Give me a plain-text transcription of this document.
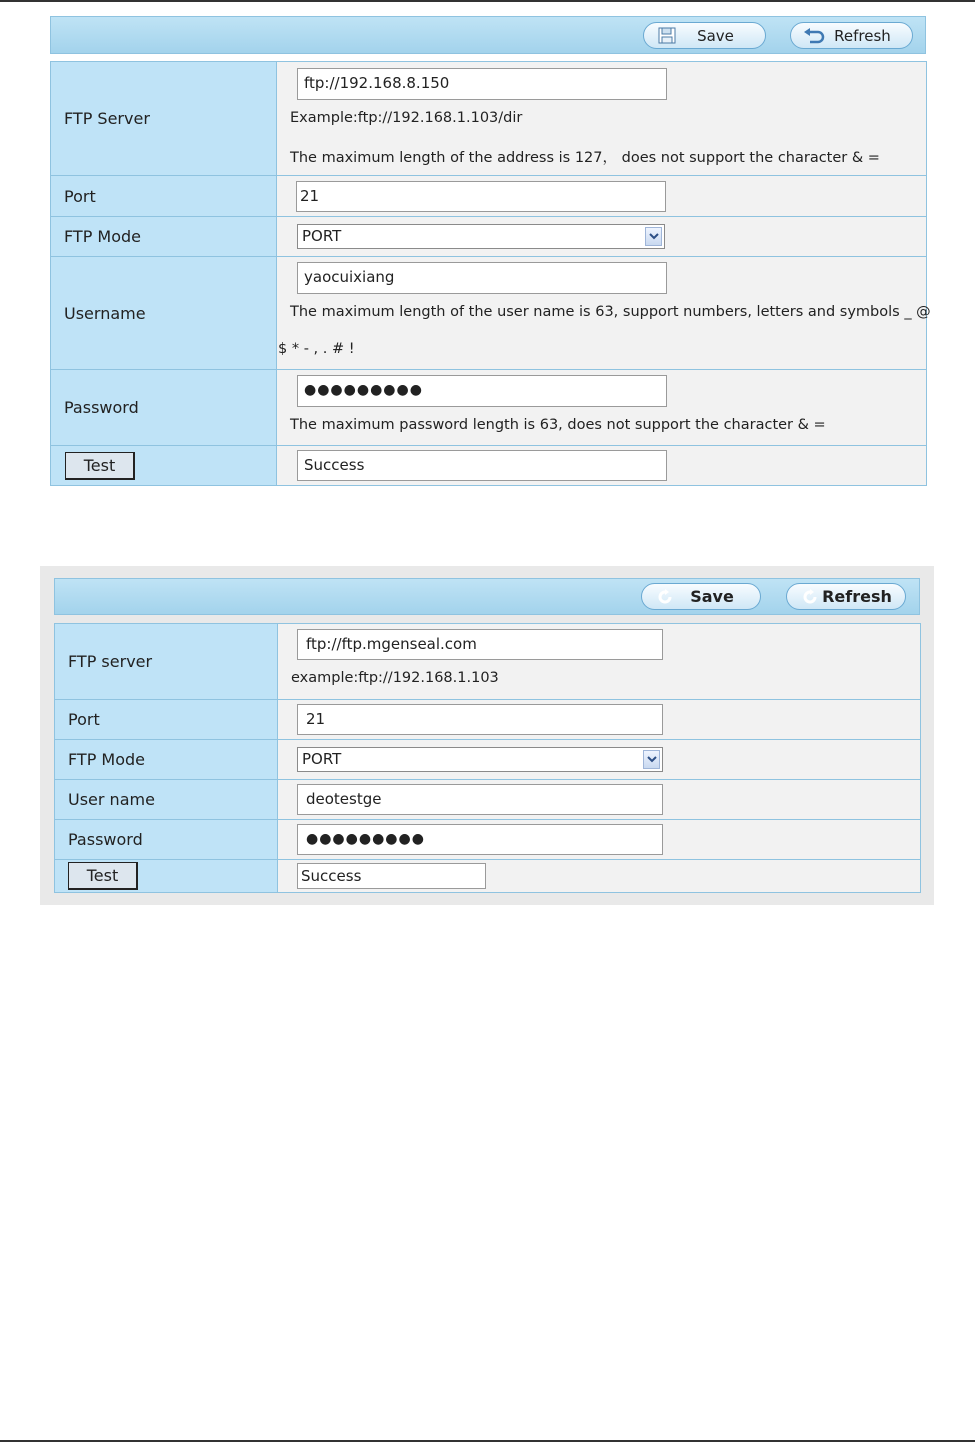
Save	Refresh
FTP Server	ftp://192.168.8.150
Example:ftp://192.168.1.103/dir
The maximum length of the address is 127， does not support the character & =

Port	21

FTP Mode	PORT

Username	yaocuixiang
The maximum length of the user name is 63, support numbers, letters and symbols _ @
$ * - , . # !

Password	●●●●●●●●●
The maximum password length is 63, does not support the character & =

Test	Success
Save	Refresh
FTP server	ftp://ftp.mgenseal.com
example:ftp://192.168.1.103

Port	21

FTP Mode	PORT

User name	deotestge

Password	●●●●●●●●●

Test	Success
